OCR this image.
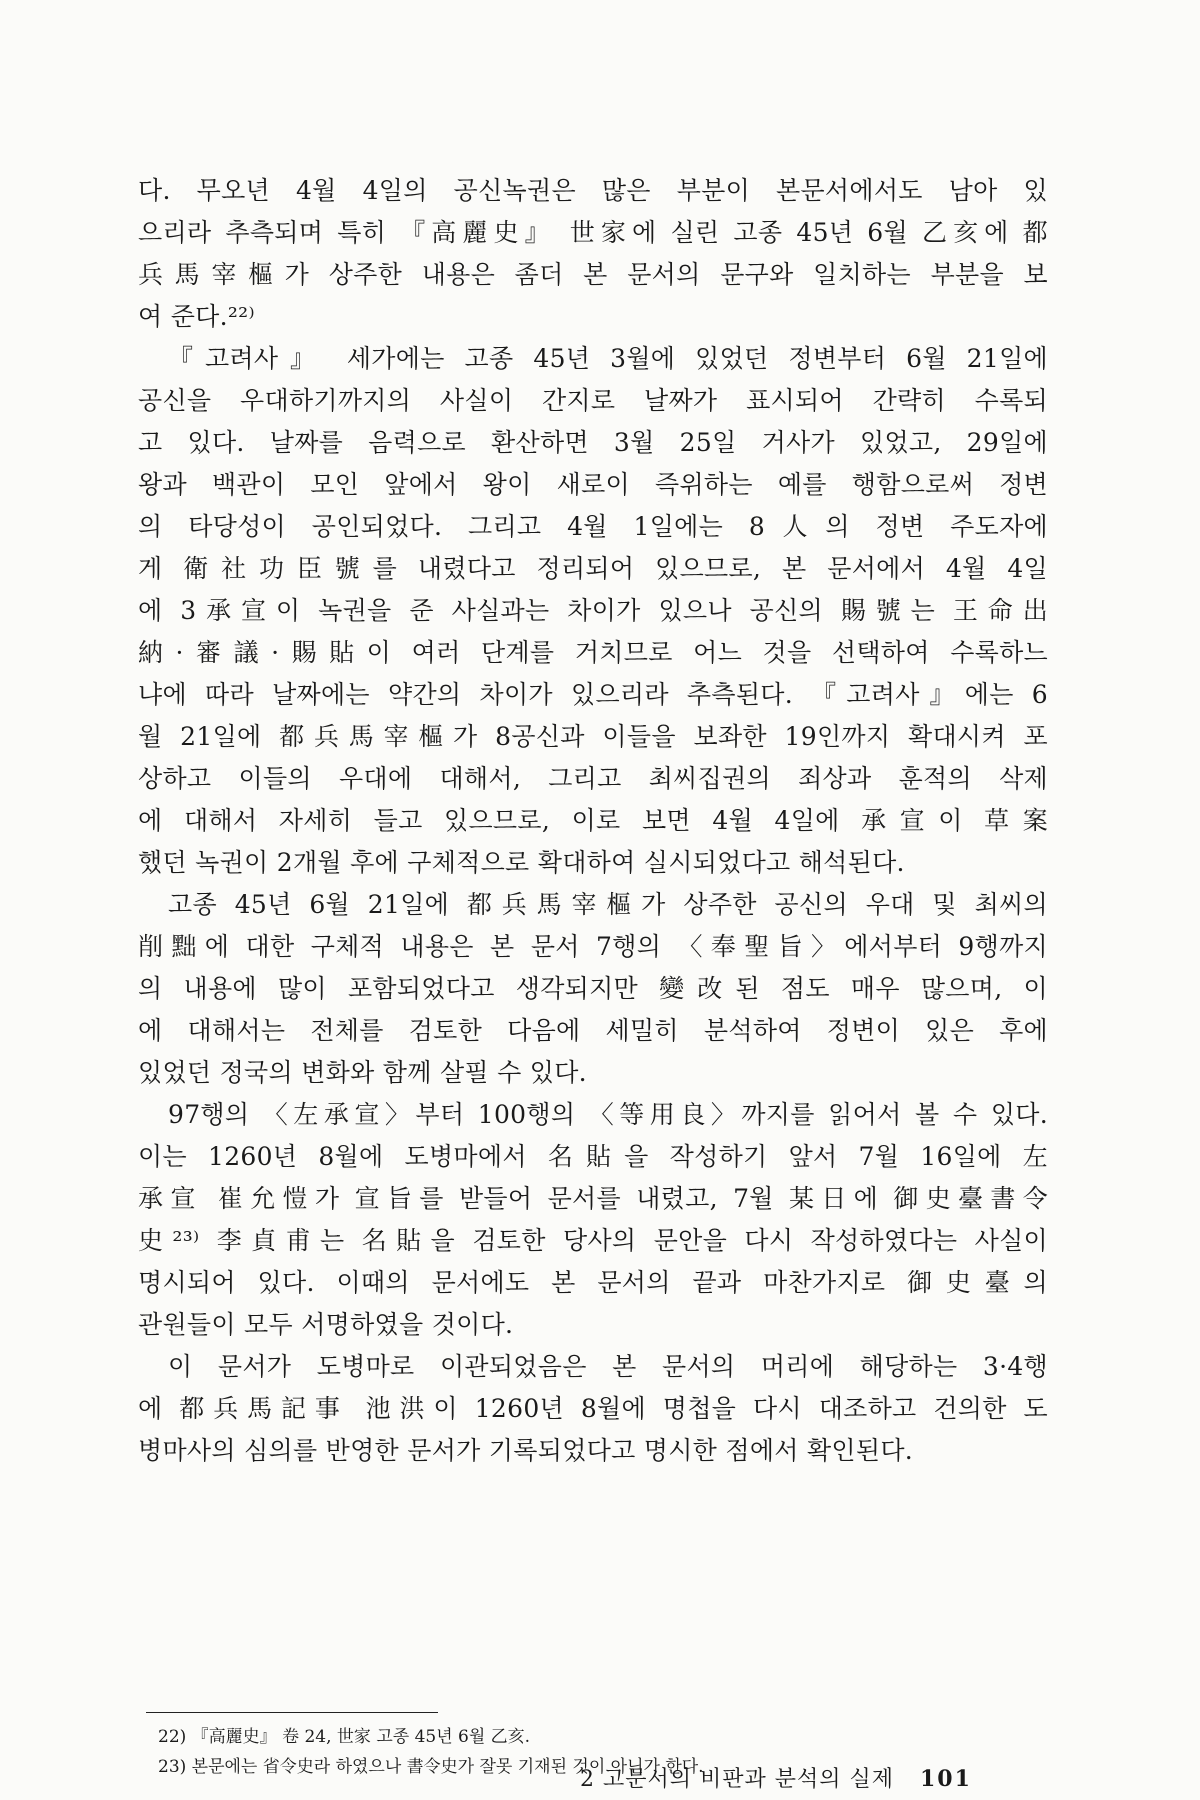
다. 무오년 4월 4일의 공신녹권은 많은 부분이 본문서에서도 남아 있
으리라 추측되며 특히 『高麗史』 世家에 실린 고종 45년 6월 乙亥에 都
兵馬宰樞가 상주한 내용은 좀더 본 문서의 문구와 일치하는 부분을 보
여 준다.²²⁾
『고려사』 세가에는 고종 45년 3월에 있었던 정변부터 6월 21일에
공신을 우대하기까지의 사실이 간지로 날짜가 표시되어 간략히 수록되
고 있다. 날짜를 음력으로 환산하면 3월 25일 거사가 있었고, 29일에
왕과 백관이 모인 앞에서 왕이 새로이 즉위하는 예를 행함으로써 정변
의 타당성이 공인되었다. 그리고 4월 1일에는 8人의 정변 주도자에
게 衛社功臣號를 내렸다고 정리되어 있으므로, 본 문서에서 4월 4일
에 3承宣이 녹권을 준 사실과는 차이가 있으나 공신의 賜號는 王命出
納·審議·賜貼이 여러 단계를 거치므로 어느 것을 선택하여 수록하느
냐에 따라 날짜에는 약간의 차이가 있으리라 추측된다. 『고려사』에는 6
월 21일에 都兵馬宰樞가 8공신과 이들을 보좌한 19인까지 확대시켜 포
상하고 이들의 우대에 대해서, 그리고 최씨집권의 죄상과 훈적의 삭제
에 대해서 자세히 들고 있으므로, 이로 보면 4월 4일에 承宣이 草案
했던 녹권이 2개월 후에 구체적으로 확대하여 실시되었다고 해석된다.
고종 45년 6월 21일에 都兵馬宰樞가 상주한 공신의 우대 및 최씨의
削黜에 대한 구체적 내용은 본 문서 7행의 〈奉聖旨〉에서부터 9행까지
의 내용에 많이 포함되었다고 생각되지만 變改된 점도 매우 많으며, 이
에 대해서는 전체를 검토한 다음에 세밀히 분석하여 정변이 있은 후에
있었던 정국의 변화와 함께 살필 수 있다.
97행의 〈左承宣〉부터 100행의 〈等用良〉까지를 읽어서 볼 수 있다.
이는 1260년 8월에 도병마에서 名貼을 작성하기 앞서 7월 16일에 左
承宣 崔允愷가 宣旨를 받들어 문서를 내렸고, 7월 某日에 御史臺書令
史²³⁾ 李貞甫는 名貼을 검토한 당사의 문안을 다시 작성하였다는 사실이
명시되어 있다. 이때의 문서에도 본 문서의 끝과 마찬가지로 御史臺의
관원들이 모두 서명하였을 것이다.
이 문서가 도병마로 이관되었음은 본 문서의 머리에 해당하는 3·4행
에 都兵馬記事 池洪이 1260년 8월에 명첩을 다시 대조하고 건의한 도
병마사의 심의를 반영한 문서가 기록되었다고 명시한 점에서 확인된다.
22) 『高麗史』 卷 24, 世家 고종 45년 6월 乙亥.
23) 본문에는 省令史라 하였으나 書令史가 잘못 기재된 것이 아닌가 한다.
2 고문서의 비판과 분석의 실제 101
